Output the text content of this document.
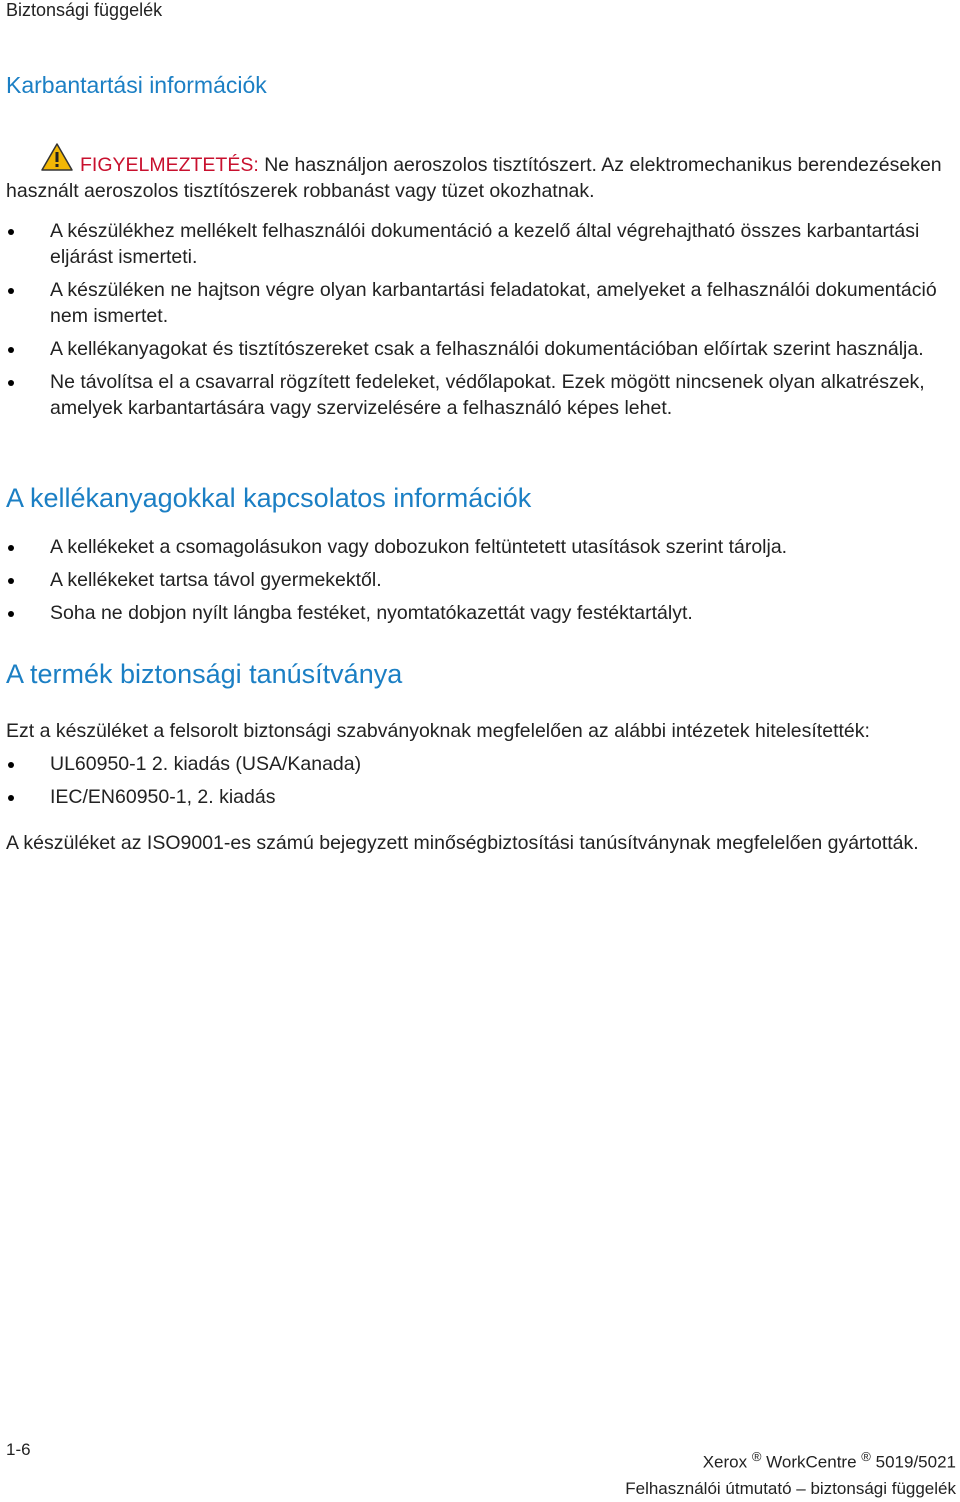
Biztonsági függelék
Karbantartási információk
FIGYELMEZTETÉS: Ne használjon aeroszolos tisztítószert. Az elektromechanikus berendezéseken
használt aeroszolos tisztítószerek robbanást vagy tüzet okozhatnak.
A készülékhez mellékelt felhasználói dokumentáció a kezelő által végrehajtható összes karbantartási eljárást ismerteti.
A készüléken ne hajtson végre olyan karbantartási feladatokat, amelyeket a felhasználói dokumentáció nem ismertet.
A kellékanyagokat és tisztítószereket csak a felhasználói dokumentációban előírtak szerint használja.
Ne távolítsa el a csavarral rögzített fedeleket, védőlapokat. Ezek mögött nincsenek olyan alkatrészek, amelyek karbantartására vagy szervizelésére a felhasználó képes lehet.
A kellékanyagokkal kapcsolatos információk
A kellékeket a csomagolásukon vagy dobozukon feltüntetett utasítások szerint tárolja.
A kellékeket tartsa távol gyermekektől.
Soha ne dobjon nyílt lángba festéket, nyomtatókazettát vagy festéktartályt.
A termék biztonsági tanúsítványa

Ezt a készüléket a felsorolt biztonsági szabványoknak megfelelően az alábbi intézetek hitelesítették:

UL60950-1 2. kiadás (USA/Kanada)
IEC/EN60950-1, 2. kiadás

A készüléket az ISO9001-es számú bejegyzett minőségbiztosítási tanúsítványnak megfelelően gyártották.

1-6
Xerox ® WorkCentre ® 5019/5021
Felhasználói útmutató – biztonsági függelék
